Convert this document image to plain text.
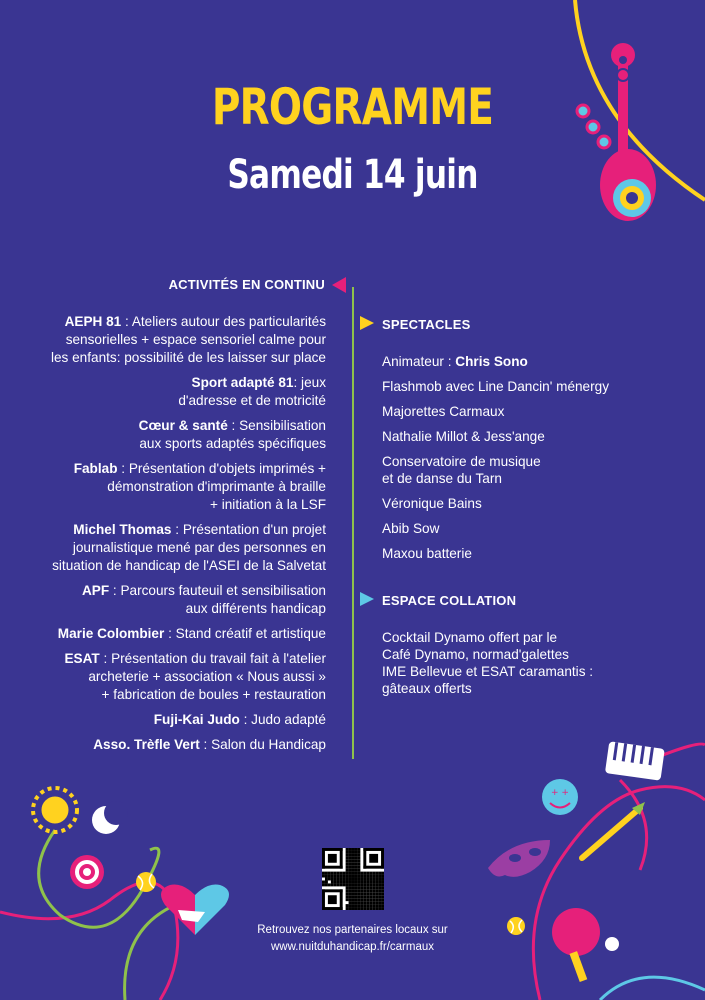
+ +
PROGRAMME
Samedi 14 juin
ACTIVITÉS EN CONTINU
AEPH 81 : Ateliers autour des particularités
sensorielles + espace sensoriel calme pour
les enfants: possibilité de les laisser sur place
Sport adapté 81: jeux
d'adresse et de motricité
Cœur & santé : Sensibilisation
aux sports adaptés spécifiques
Fablab : Présentation d'objets imprimés +
démonstration d'imprimante à braille
+ initiation à la LSF
Michel Thomas : Présentation d'un projet
journalistique mené par des personnes en
situation de handicap de l'ASEI de la Salvetat
APF : Parcours fauteuil et sensibilisation
aux différents handicap
Marie Colombier : Stand créatif et artistique
ESAT : Présentation du travail fait à l'atelier
archeterie + association « Nous aussi »
+ fabrication de boules + restauration
Fuji-Kai Judo : Judo adapté
Asso. Trèfle Vert : Salon du Handicap
SPECTACLES
Animateur : Chris Sono
Flashmob avec Line Dancin' ménergy
Majorettes Carmaux
Nathalie Millot & Jess'ange
Conservatoire de musique
et de danse du Tarn
Véronique Bains
Abib Sow
Maxou batterie
ESPACE COLLATION
Cocktail Dynamo offert par le
Café Dynamo, normad'galettes
IME Bellevue et ESAT caramantis :
gâteaux offerts
Retrouvez nos partenaires locaux sur
www.nuitduhandicap.fr/carmaux
